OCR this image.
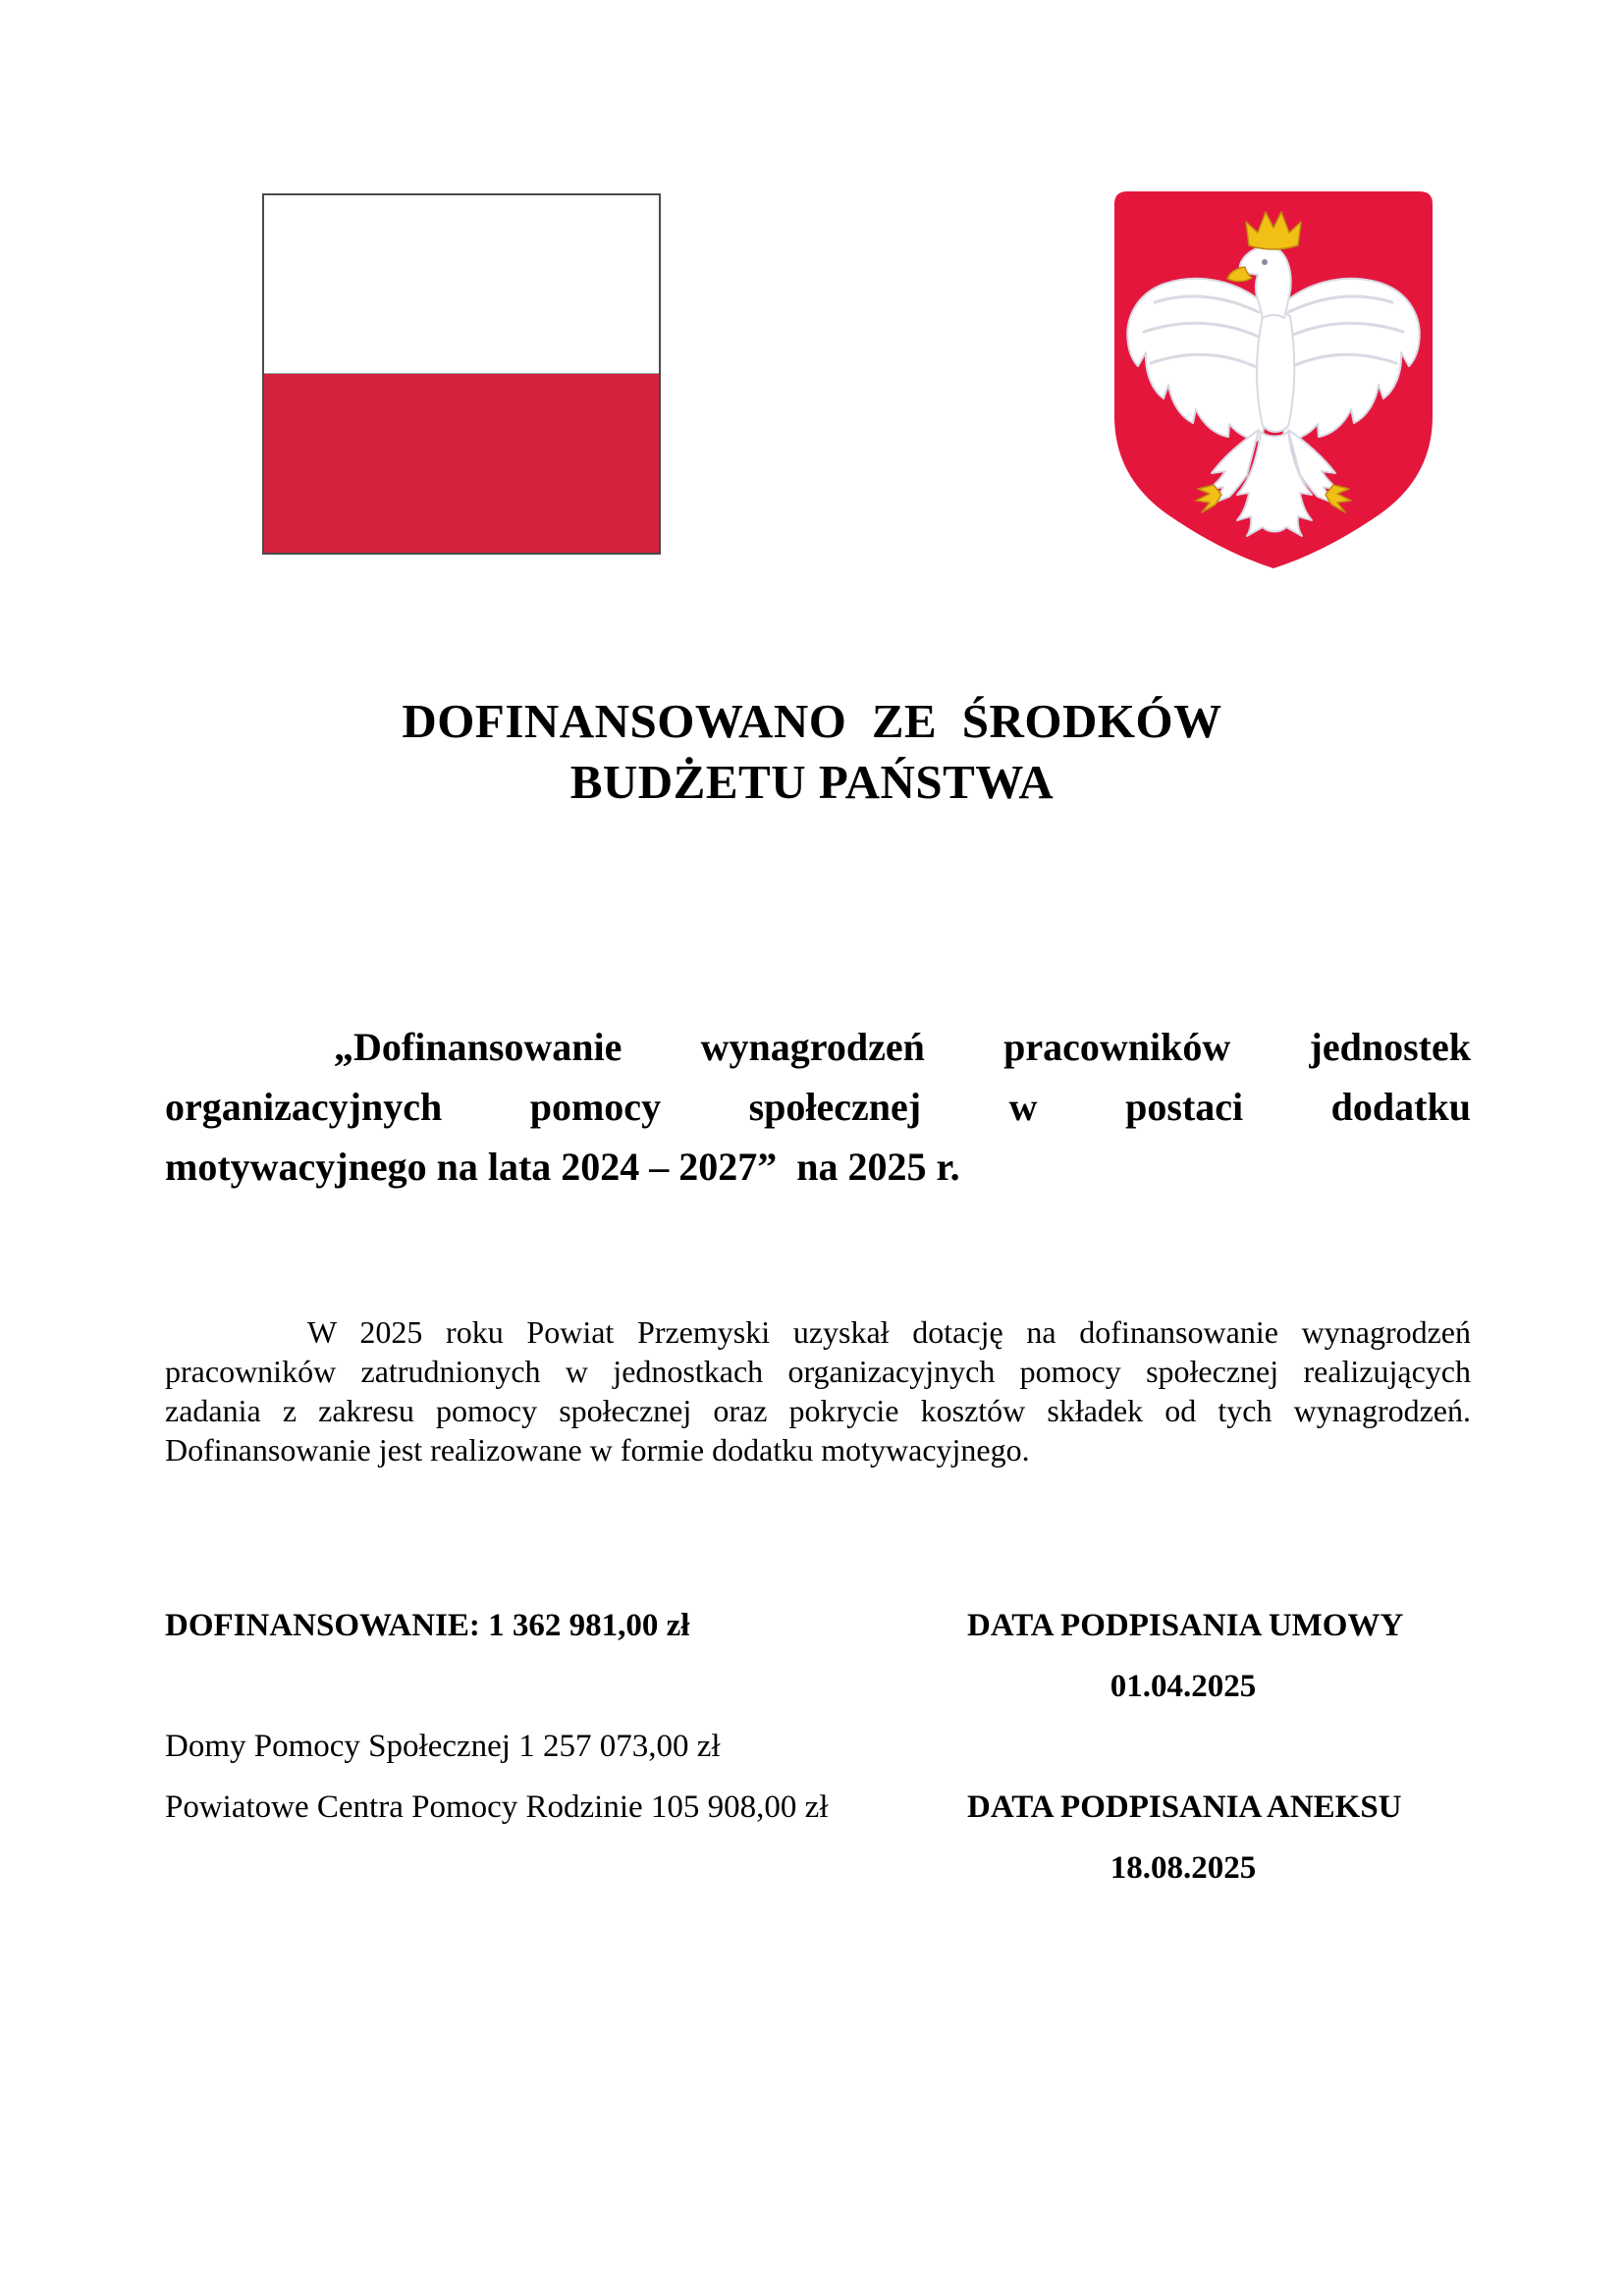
DOFINANSOWANO  ZE  ŚRODKÓW
BUDŻETU PAŃSTWA
„Dofinansowanie wynagrodzeń pracowników jednostek
organizacyjnych pomocy społecznej w postaci dodatku
motywacyjnego na lata 2024 – 2027”  na 2025 r.
W 2025 roku Powiat Przemyski uzyskał dotację na dofinansowanie wynagrodzeń
pracowników zatrudnionych w jednostkach organizacyjnych pomocy społecznej realizujących
zadania z zakresu pomocy społecznej oraz pokrycie kosztów składek od tych wynagrodzeń.
Dofinansowanie jest realizowane w formie dodatku motywacyjnego.
DOFINANSOWANIE: 1 362 981,00 zł
Domy Pomocy Społecznej 1 257 073,00 zł
Powiatowe Centra Pomocy Rodzinie 105 908,00 zł
DATA PODPISANIA UMOWY
01.04.2025
DATA PODPISANIA ANEKSU
18.08.2025
